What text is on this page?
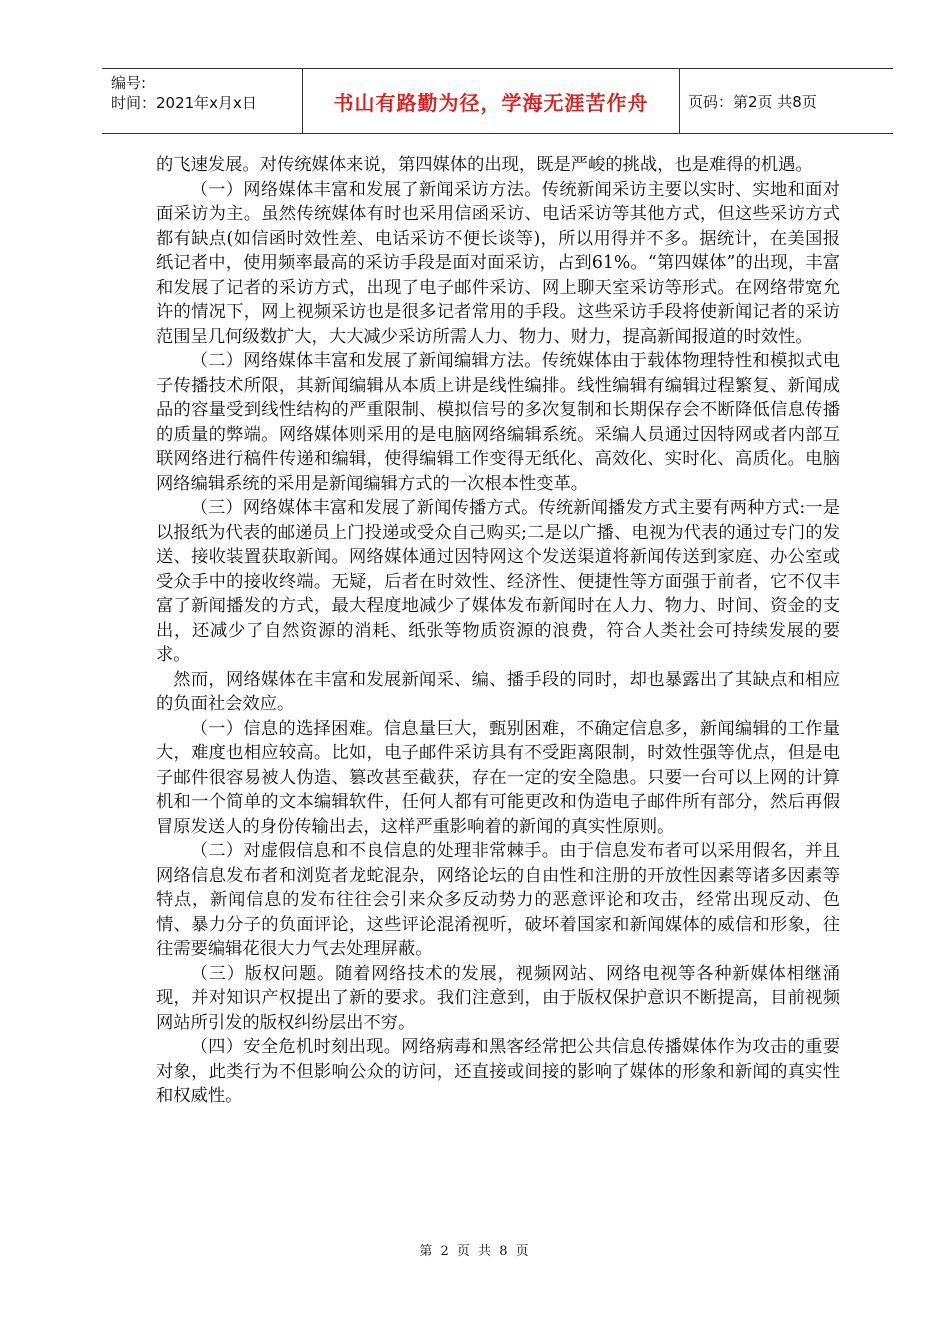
编号:
时间：2021年x月x日	书山有路勤为径，学海无涯苦作舟	页码：第2页 共8页

的飞速发展。对传统媒体来说，第四媒体的出现，既是严峻的挑战，也是难得的机遇。

（一）网络媒体丰富和发展了新闻采访方法。传统新闻采访主要以实时、实地和面对面采访为主。虽然传统媒体有时也采用信函采访、电话采访等其他方式，但这些采访方式都有缺点(如信函时效性差、电话采访不便长谈等)，所以用得并不多。据统计，在美国报纸记者中，使用频率最高的采访手段是面对面采访，占到61%。“第四媒体”的出现，丰富和发展了记者的采访方式，出现了电子邮件采访、网上聊天室采访等形式。在网络带宽允许的情况下，网上视频采访也是很多记者常用的手段。这些采访手段将使新闻记者的采访范围呈几何级数扩大，大大减少采访所需人力、物力、财力，提高新闻报道的时效性。

（二）网络媒体丰富和发展了新闻编辑方法。传统媒体由于载体物理特性和模拟式电子传播技术所限，其新闻编辑从本质上讲是线性编排。线性编辑有编辑过程繁复、新闻成品的容量受到线性结构的严重限制、模拟信号的多次复制和长期保存会不断降低信息传播的质量的弊端。网络媒体则采用的是电脑网络编辑系统。采编人员通过因特网或者内部互联网络进行稿件传递和编辑，使得编辑工作变得无纸化、高效化、实时化、高质化。电脑网络编辑系统的采用是新闻编辑方式的一次根本性变革。

（三）网络媒体丰富和发展了新闻传播方式。传统新闻播发方式主要有两种方式:一是以报纸为代表的邮递员上门投递或受众自己购买;二是以广播、电视为代表的通过专门的发送、接收装置获取新闻。网络媒体通过因特网这个发送渠道将新闻传送到家庭、办公室或受众手中的接收终端。无疑，后者在时效性、经济性、便捷性等方面强于前者，它不仅丰富了新闻播发的方式，最大程度地减少了媒体发布新闻时在人力、物力、时间、资金的支出，还减少了自然资源的消耗、纸张等物质资源的浪费，符合人类社会可持续发展的要求。

然而，网络媒体在丰富和发展新闻采、编、播手段的同时，却也暴露出了其缺点和相应的负面社会效应。

（一）信息的选择困难。信息量巨大，甄别困难，不确定信息多，新闻编辑的工作量大，难度也相应较高。比如，电子邮件采访具有不受距离限制，时效性强等优点，但是电子邮件很容易被人伪造、篡改甚至截获，存在一定的安全隐患。只要一台可以上网的计算机和一个简单的文本编辑软件，任何人都有可能更改和伪造电子邮件所有部分，然后再假冒原发送人的身份传输出去，这样严重影响着的新闻的真实性原则。

（二）对虚假信息和不良信息的处理非常棘手。由于信息发布者可以采用假名，并且网络信息发布者和浏览者龙蛇混杂，网络论坛的自由性和注册的开放性因素等诸多因素等特点，新闻信息的发布往往会引来众多反动势力的恶意评论和攻击，经常出现反动、色情、暴力分子的负面评论，这些评论混淆视听，破坏着国家和新闻媒体的威信和形象，往往需要编辑花很大力气去处理屏蔽。

（三）版权问题。随着网络技术的发展，视频网站、网络电视等各种新媒体相继涌现，并对知识产权提出了新的要求。我们注意到，由于版权保护意识不断提高，目前视频网站所引发的版权纠纷层出不穷。

（四）安全危机时刻出现。网络病毒和黑客经常把公共信息传播媒体作为攻击的重要对象，此类行为不但影响公众的访问，还直接或间接的影响了媒体的形象和新闻的真实性和权威性。

第 2 页 共 8 页
